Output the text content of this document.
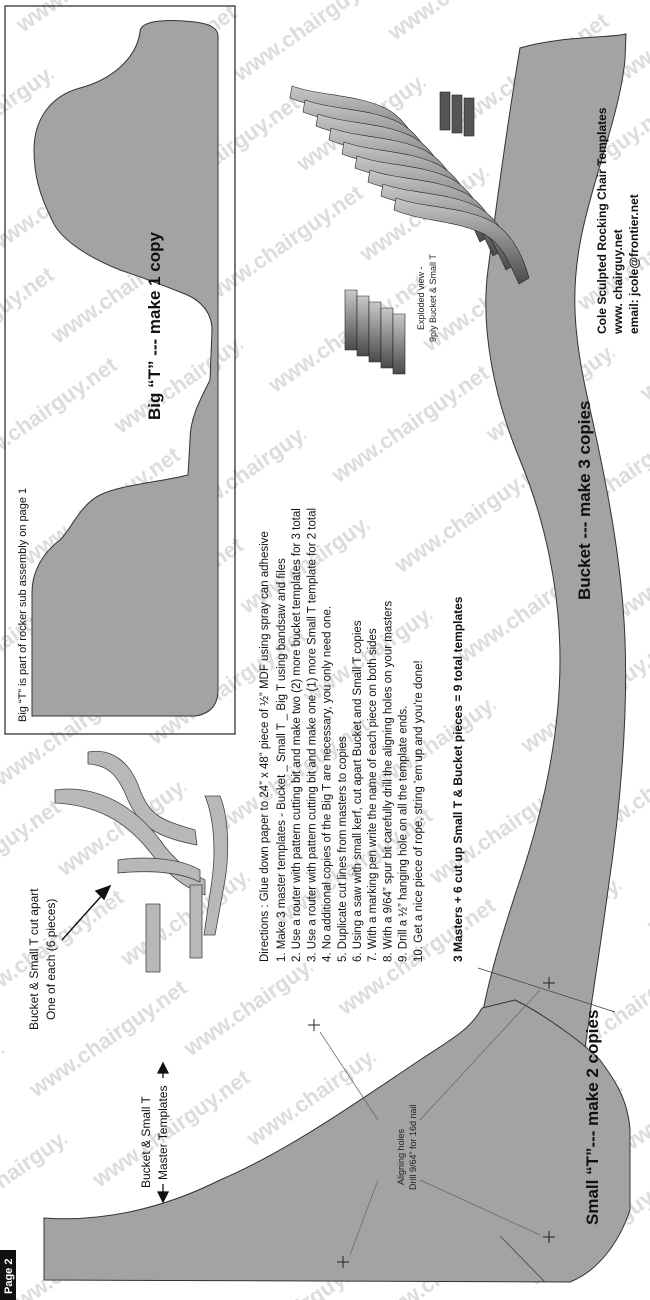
Big “T” is part of rocker sub assembly on page 1
Big “T” --- make 1 copy
Bucket --- make 3 copies
Small “T”--- make 2 copies
Aligning holes Drill 9/64” for 16d nail
Bucket & Small T Master Templates
Bucket & Small T cut apart One of each (6 pieces)	Directions : Glue down paper to 24” x 48” piece of ½” MDF using spray can adhesive 1. Make 3 master templates - Bucket _ Small T _ Big T using bandsaw and files 2. Use a router with pattern cutting bit and make two (2) more bucket templates for 3 total 3. Use a router with pattern cutting bit and make one (1) more Small T template for 2 total 4. No additional copies of the Big T are necessary, you only need one. 5. Duplicate cut lines from masters to copies 6. Using a saw with small kerf, cut apart Bucket and Small T copies 7. With a marking pen write the name of each piece on both sides 8. With a 9/64” spur bit carefully drill the aligning holes on your masters 9. Drill a ½” hanging hole on all the template ends. 10. Get a nice piece of rope, string 'em up and you're done! 3 Masters + 6 cut up Small T & Bucket pieces = 9 total templates
Exploded view - 9ply Bucket & Small T	Cole Sculpted Rocking Chair Templates www. chairguy.net email: jcole@frontier.net
Page 2
